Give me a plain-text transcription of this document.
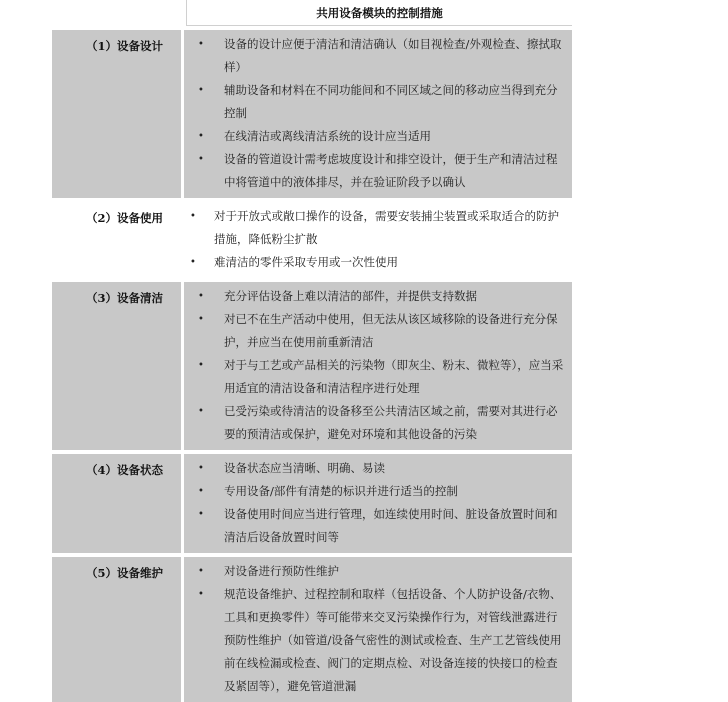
共用设备模块的控制措施
（1）设备设计	• 设备的设计应便于清洁和清洁确认（如目视检查/外观检查、擦拭取样）
• 辅助设备和材料在不同功能间和不同区域之间的移动应当得到充分控制
• 在线清洁或离线清洁系统的设计应当适用
• 设备的管道设计需考虑坡度设计和排空设计，便于生产和清洁过程中将管道中的液体排尽，并在验证阶段予以确认
（2）设备使用	• 对于开放式或敞口操作的设备，需要安装捕尘装置或采取适合的防护措施，降低粉尘扩散
• 难清洁的零件采取专用或一次性使用
（3）设备清洁	• 充分评估设备上难以清洁的部件，并提供支持数据
• 对已不在生产活动中使用，但无法从该区域移除的设备进行充分保护，并应当在使用前重新清洁
• 对于与工艺或产品相关的污染物（即灰尘、粉末、微粒等），应当采用适宜的清洁设备和清洁程序进行处理
• 已受污染或待清洁的设备移至公共清洁区域之前，需要对其进行必要的预清洁或保护，避免对环境和其他设备的污染
（4）设备状态	• 设备状态应当清晰、明确、易读
• 专用设备/部件有清楚的标识并进行适当的控制
• 设备使用时间应当进行管理，如连续使用时间、脏设备放置时间和清洁后设备放置时间等
（5）设备维护	• 对设备进行预防性维护
• 规范设备维护、过程控制和取样（包括设备、个人防护设备/衣物、工具和更换零件）等可能带来交叉污染操作行为，对管线泄露进行预防性维护（如管道/设备气密性的测试或检查、生产工艺管线使用前在线检漏或检查、阀门的定期点检、对设备连接的快接口的检查及紧固等），避免管道泄漏
